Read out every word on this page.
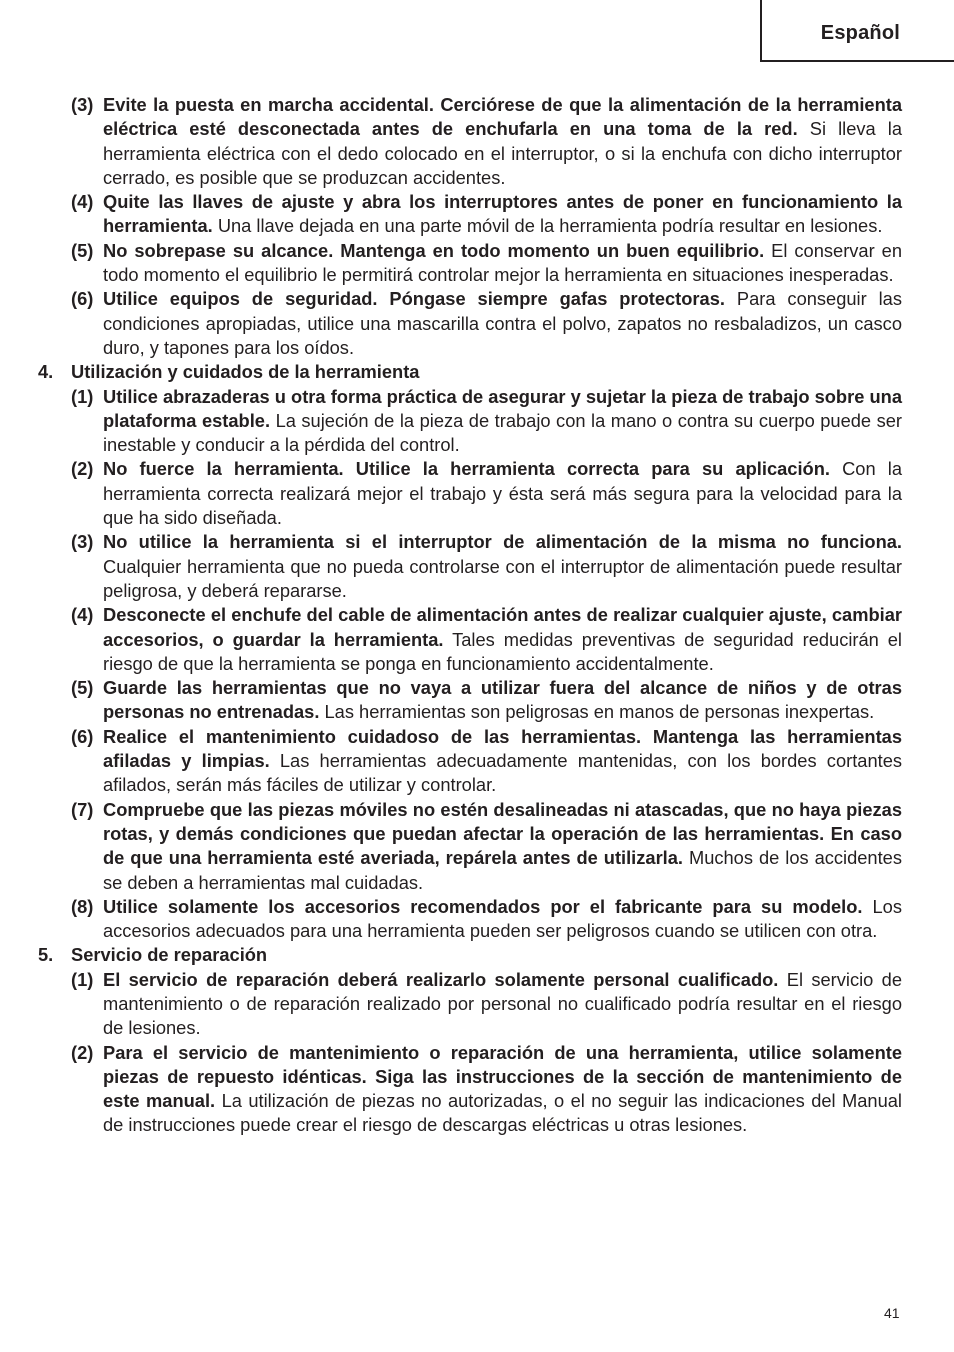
Español

(3) Evite la puesta en marcha accidental. Cerciórese de que la alimentación de la herramienta eléctrica esté desconectada antes de enchufarla en una toma de la red. Si lleva la herramienta eléctrica con el dedo colocado en el interruptor, o si la enchufa con dicho interruptor cerrado, es posible que se produzcan accidentes.

(4) Quite las llaves de ajuste y abra los interruptores antes de poner en funcionamiento la herramienta. Una llave dejada en una parte móvil de la herramienta podría resultar en lesiones.

(5) No sobrepase su alcance. Mantenga en todo momento un buen equilibrio. El conservar en todo momento el equilibrio le permitirá controlar mejor la herramienta en situaciones inesperadas.

(6) Utilice equipos de seguridad. Póngase siempre gafas protectoras. Para conseguir las condiciones apropiadas, utilice una mascarilla contra el polvo, zapatos no resbaladizos, un casco duro, y tapones para los oídos.

4. Utilización y cuidados de la herramienta

(1) Utilice abrazaderas u otra forma práctica de asegurar y sujetar la pieza de trabajo sobre una plataforma estable. La sujeción de la pieza de trabajo con la mano o contra su cuerpo puede ser inestable y conducir a la pérdida del control.

(2) No fuerce la herramienta. Utilice la herramienta correcta para su aplicación. Con la herramienta correcta realizará mejor el trabajo y ésta será más segura para la velocidad para la que ha sido diseñada.

(3) No utilice la herramienta si el interruptor de alimentación de la misma no funciona. Cualquier herramienta que no pueda controlarse con el interruptor de alimentación puede resultar peligrosa, y deberá repararse.

(4) Desconecte el enchufe del cable de alimentación antes de realizar cualquier ajuste, cambiar accesorios, o guardar la herramienta. Tales medidas preventivas de seguridad reducirán el riesgo de que la herramienta se ponga en funcionamiento accidentalmente.

(5) Guarde las herramientas que no vaya a utilizar fuera del alcance de niños y de otras personas no entrenadas. Las herramientas son peligrosas en manos de personas inexpertas.

(6) Realice el mantenimiento cuidadoso de las herramientas. Mantenga las herramientas afiladas y limpias. Las herramientas adecuadamente mantenidas, con los bordes cortantes afilados, serán más fáciles de utilizar y controlar.

(7) Compruebe que las piezas móviles no estén desalineadas ni atascadas, que no haya piezas rotas, y demás condiciones que puedan afectar la operación de las herramientas. En caso de que una herramienta esté averiada, repárela antes de utilizarla. Muchos de los accidentes se deben a herramientas mal cuidadas.

(8) Utilice solamente los accesorios recomendados por el fabricante para su modelo. Los accesorios adecuados para una herramienta pueden ser peligrosos cuando se utilicen con otra.

5. Servicio de reparación

(1) El servicio de reparación deberá realizarlo solamente personal cualificado. El servicio de mantenimiento o de reparación realizado por personal no cualificado podría resultar en el riesgo de lesiones.

(2) Para el servicio de mantenimiento o reparación de una herramienta, utilice solamente piezas de repuesto idénticas. Siga las instrucciones de la sección de mantenimiento de este manual. La utilización de piezas no autorizadas, o el no seguir las indicaciones del Manual de instrucciones puede crear el riesgo de descargas eléctricas u otras lesiones.

41
